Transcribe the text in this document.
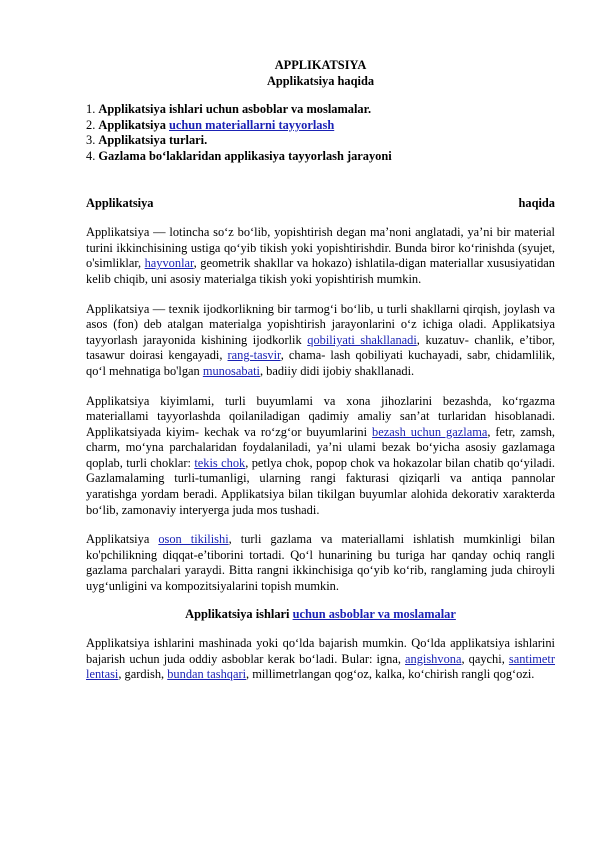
APPLIKATSIYA
Applikatsiya haqida
1. Applikatsiya ishlari uchun asboblar va moslamalar.
2. Applikatsiya uchun materiallarni tayyorlash
3. Applikatsiya turlari.
4. Gazlama bo‘laklaridan applikasiya tayyorlash jarayoni
Applikatsiya	haqida

Applikatsiya — lotincha so‘z bo‘lib, yopishtirish degan ma’noni anglatadi, ya’ni bir material turini ikkinchisining ustiga qo‘yib tikish yoki yopishtirishdir. Bunda biror ko‘rinishda (syujet, o'simliklar, hayvonlar, geometrik shakllar va hokazo) ishlatila-digan materiallar xususiyatidan kelib chiqib, uni asosiy materialga tikish yoki yopishtirish mumkin.

Applikatsiya — texnik ijodkorlikning bir tarmog‘i bo‘lib, u turli shakllarni qirqish, joylash va asos (fon) deb atalgan materialga yopishtirish jarayonlarini o‘z ichiga oladi. Applikatsiya tayyorlash jarayonida kishining ijodkorlik qobiliyati shakllanadi, kuzatuv- chanlik, e’tibor, tasawur doirasi kengayadi, rang-tasvir, chama- lash qobiliyati kuchayadi, sabr, chidamlilik, qo‘l mehnatiga bo'lgan munosabati, badiiy didi ijobiy shakllanadi.

Applikatsiya kiyimlami, turli buyumlami va xona jihozlarini bezashda, ko‘rgazma materiallami tayyorlashda qoilaniladigan qadimiy amaliy san’at turlaridan hisoblanadi. Applikatsiyada kiyim- kechak va ro‘zg‘or buyumlarini bezash uchun gazlama, fetr, zamsh, charm, mo‘yna parchalaridan foydalaniladi, ya’ni ulami bezak bo‘yicha asosiy gazlamaga qoplab, turli choklar: tekis chok, petlya chok, popop chok va hokazolar bilan chatib qo‘yiladi. Gazlamalaming turli-tumanligi, ularning rangi fakturasi qiziqarli va antiqa pannolar yaratishga yordam beradi. Applikatsiya bilan tikilgan buyumlar alohida dekorativ xarakterda bo‘lib, zamonaviy interyerga juda mos tushadi.

Applikatsiya oson tikilishi, turli gazlama va materiallami ishlatish mumkinligi bilan ko'pchilikning diqqat-e’tiborini tortadi. Qo‘l hunarining bu turiga har qanday ochiq rangli gazlama parchalari yaraydi. Bitta rangni ikkinchisiga qo‘yib ko‘rib, ranglaming juda chiroyli uyg‘unligini va kompozitsiyalarini topish mumkin.

Applikatsiya ishlari uchun asboblar va moslamalar

Applikatsiya ishlarini mashinada yoki qo‘lda bajarish mumkin. Qo‘lda applikatsiya ishlarini bajarish uchun juda oddiy asboblar kerak bo‘ladi. Bular: igna, angishvona, qaychi, santimetr lentasi, gardish, bundan tashqari, millimetrlangan qog‘oz, kalka, ko‘chirish rangli qog‘ozi.
